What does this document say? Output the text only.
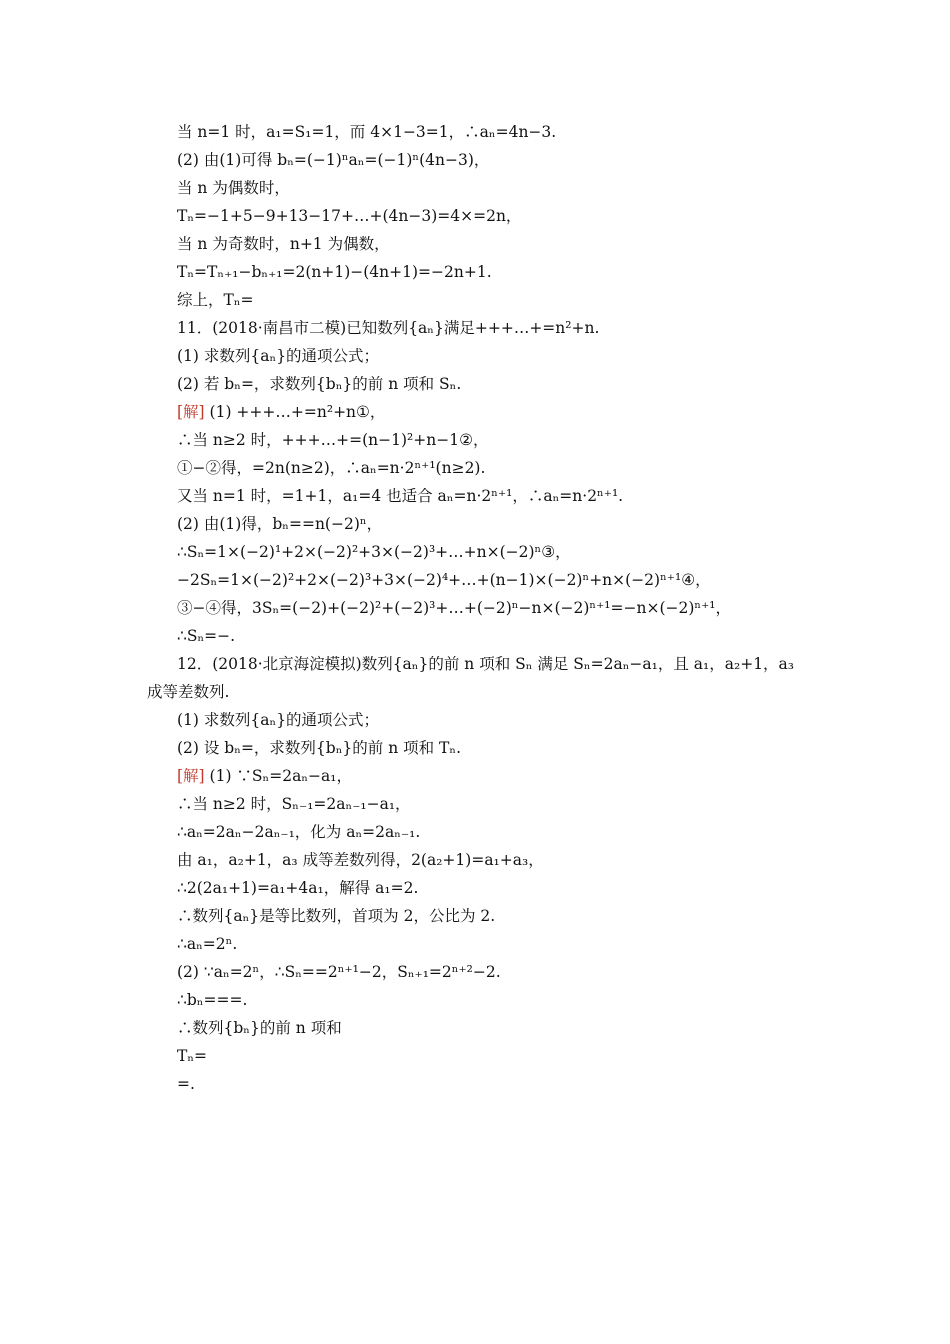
当 n=1 时，a₁=S₁=1，而 4×1−3=1，∴aₙ=4n−3.
(2) 由(1)可得 bₙ=(−1)ⁿaₙ=(−1)ⁿ(4n−3)，
当 n 为偶数时，
Tₙ=−1+5−9+13−17+…+(4n−3)=4×=2n，
当 n 为奇数时，n+1 为偶数，
Tₙ=Tₙ₊₁−bₙ₊₁=2(n+1)−(4n+1)=−2n+1.
综上，Tₙ=
11．(2018·南昌市二模)已知数列{aₙ}满足+++…+=n²+n.
(1) 求数列{aₙ}的通项公式；
(2) 若 bₙ=，求数列{bₙ}的前 n 项和 Sₙ.
[解] (1) +++…+=n²+n①，
∴当 n≥2 时，+++…+=(n−1)²+n−1②，
①−②得，=2n(n≥2)，∴aₙ=n·2ⁿ⁺¹(n≥2).
又当 n=1 时，=1+1，a₁=4 也适合 aₙ=n·2ⁿ⁺¹，∴aₙ=n·2ⁿ⁺¹.
(2) 由(1)得，bₙ==n(−2)ⁿ，
∴Sₙ=1×(−2)¹+2×(−2)²+3×(−2)³+…+n×(−2)ⁿ③，
−2Sₙ=1×(−2)²+2×(−2)³+3×(−2)⁴+…+(n−1)×(−2)ⁿ+n×(−2)ⁿ⁺¹④，
③−④得，3Sₙ=(−2)+(−2)²+(−2)³+…+(−2)ⁿ−n×(−2)ⁿ⁺¹=−n×(−2)ⁿ⁺¹，
∴Sₙ=−.
12．(2018·北京海淀模拟)数列{aₙ}的前 n 项和 Sₙ 满足 Sₙ=2aₙ−a₁，且 a₁，a₂+1，a₃
成等差数列.
(1) 求数列{aₙ}的通项公式；
(2) 设 bₙ=，求数列{bₙ}的前 n 项和 Tₙ.
[解] (1) ∵Sₙ=2aₙ−a₁，
∴当 n≥2 时，Sₙ₋₁=2aₙ₋₁−a₁，
∴aₙ=2aₙ−2aₙ₋₁，化为 aₙ=2aₙ₋₁.
由 a₁，a₂+1，a₃ 成等差数列得，2(a₂+1)=a₁+a₃，
∴2(2a₁+1)=a₁+4a₁，解得 a₁=2.
∴数列{aₙ}是等比数列，首项为 2，公比为 2.
∴aₙ=2ⁿ.
(2) ∵aₙ=2ⁿ，∴Sₙ==2ⁿ⁺¹−2，Sₙ₊₁=2ⁿ⁺²−2.
∴bₙ===.
∴数列{bₙ}的前 n 项和
Tₙ=
=.
